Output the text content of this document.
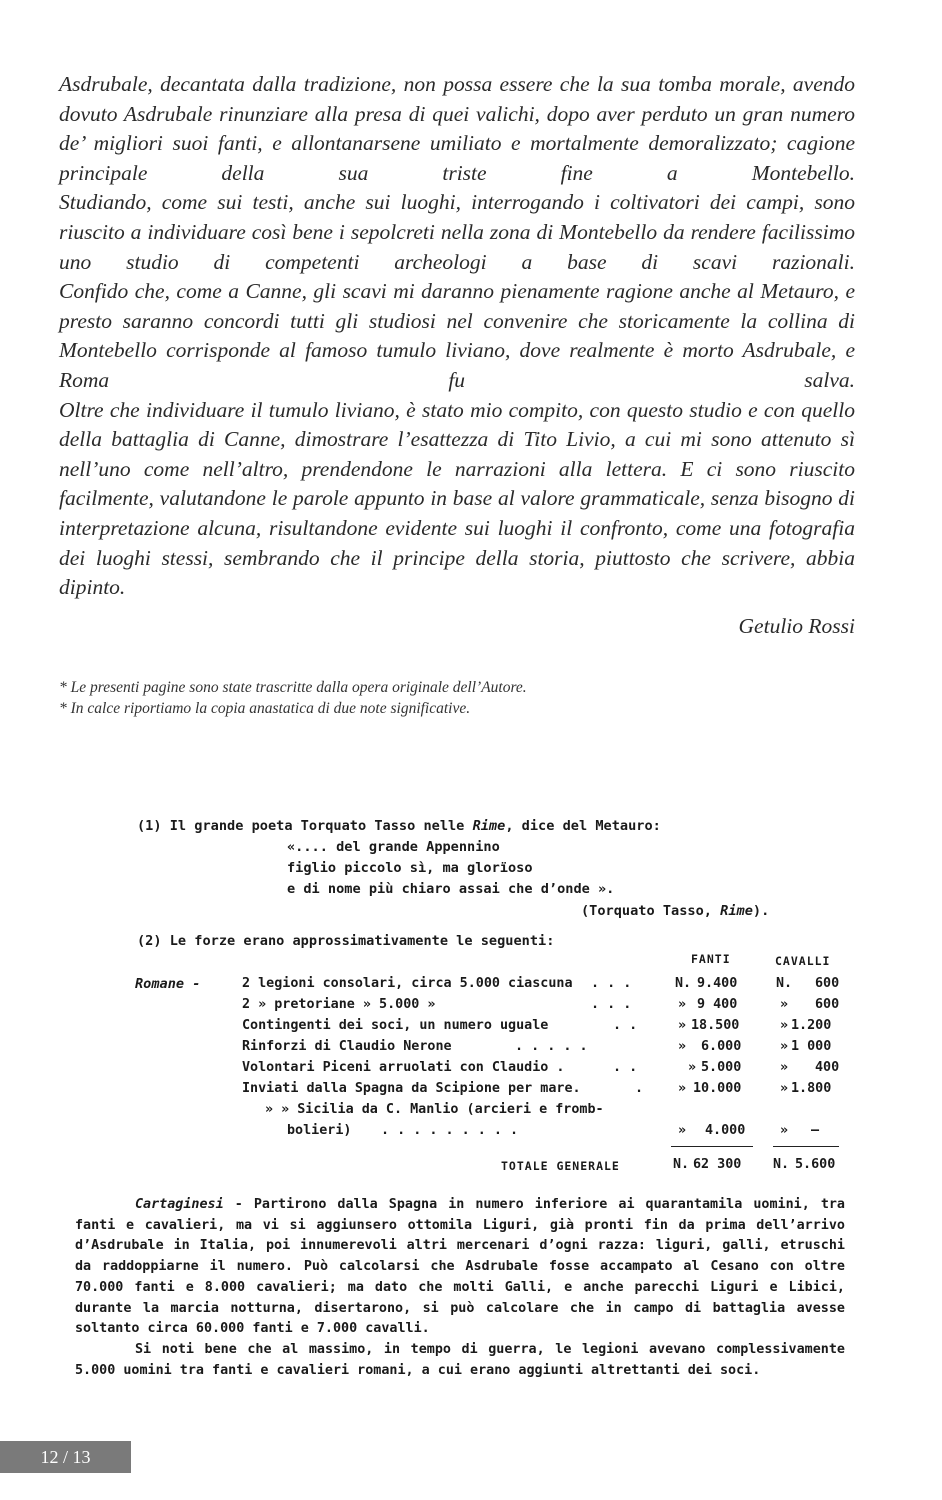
Asdrubale, decantata dalla tradizione, non possa essere che la sua tomba morale, avendo dovuto Asdrubale rinunziare alla presa di quei valichi, dopo aver perduto un gran numero de’ migliori suoi fanti, e allontanarsene umiliato e mortalmente demoralizzato; cagione principale della sua triste fine a Montebello.

Studiando, come sui testi, anche sui luoghi, interrogando i coltivatori dei campi, sono riuscito a individuare così bene i sepolcreti nella zona di Montebello da rendere facilissimo uno studio di competenti archeologi a base di scavi razionali.

Confido che, come a Canne, gli scavi mi daranno pienamente ragione anche al Metauro, e presto saranno concordi tutti gli studiosi nel convenire che storicamente la collina di Montebello corrisponde al famoso tumulo liviano, dove realmente è morto Asdrubale, e Roma fu salva.

Oltre che individuare il tumulo liviano, è stato mio compito, con questo studio e con quello della battaglia di Canne, dimostrare l’esattezza di Tito Livio, a cui mi sono attenuto sì nell’uno come nell’altro, prendendone le narrazioni alla lettera. E ci sono riuscito facilmente, valutandone le parole appunto in base al valore grammaticale, senza bisogno di interpretazione alcuna, risultandone evidente sui luoghi il confronto, come una fotografia dei luoghi stessi, sembrando che il principe della storia, piuttosto che scrivere, abbia dipinto.

Getulio Rossi
* Le presenti pagine sono state trascritte dalla opera originale dell’Autore.
* In calce riportiamo la copia anastatica di due note significative.
(1) Il grande poeta Torquato Tasso nelle Rime, dice del Metauro:
«.... del grande Appennino
figlio piccolo sì, ma glorïoso
e di nome più chiaro assai che d’onde ».
(Torquato Tasso, Rime).
(2) Le forze erano approssimativamente le seguenti:
FANTI	CAVALLI
Romane -	2 legioni consolari, circa 5.000 ciascuna . . .	N. 9.400	N. 600
2 » pretoriane » 5.000 »	. . .	» 9 400	» 600
Contingenti dei soci, un numero uguale	. .	» 18.500	» 1.200
Rinforzi di Claudio Nerone	. . . . .	» 6.000	» 1 000
Volontari Piceni arruolati con Claudio .	. .	» 5.000	» 400
Inviati dalla Spagna da Scipione per mare.	.	» 10.000	» 1.800
» » Sicilia da C. Manlio (arcieri e fromb-
bolieri) . . . . . . . . .	» 4.000	» —
TOTALE GENERALE	N. 62 300 N. 5.600

Cartaginesi - Partirono dalla Spagna in numero inferiore ai quarantamila uomini, tra fanti e cavalieri, ma vi si aggiunsero ottomila Liguri, già pronti fin da prima dell’arrivo d’Asdrubale in Italia, poi innumerevoli altri mercenari d’ogni razza: liguri, galli, etruschi da raddoppiarne il numero. Può calcolarsi che Asdrubale fosse accampato al Cesano con oltre 70.000 fanti e 8.000 cavalieri; ma dato che molti Galli, e anche parecchi Liguri e Libici, durante la marcia notturna, disertarono, si può calcolare che in campo di battaglia avesse soltanto circa 60.000 fanti e 7.000 cavalli.

Si noti bene che al massimo, in tempo di guerra, le legioni avevano complessivamente 5.000 uomini tra fanti e cavalieri romani, a cui erano aggiunti altrettanti dei soci.

12 / 13
